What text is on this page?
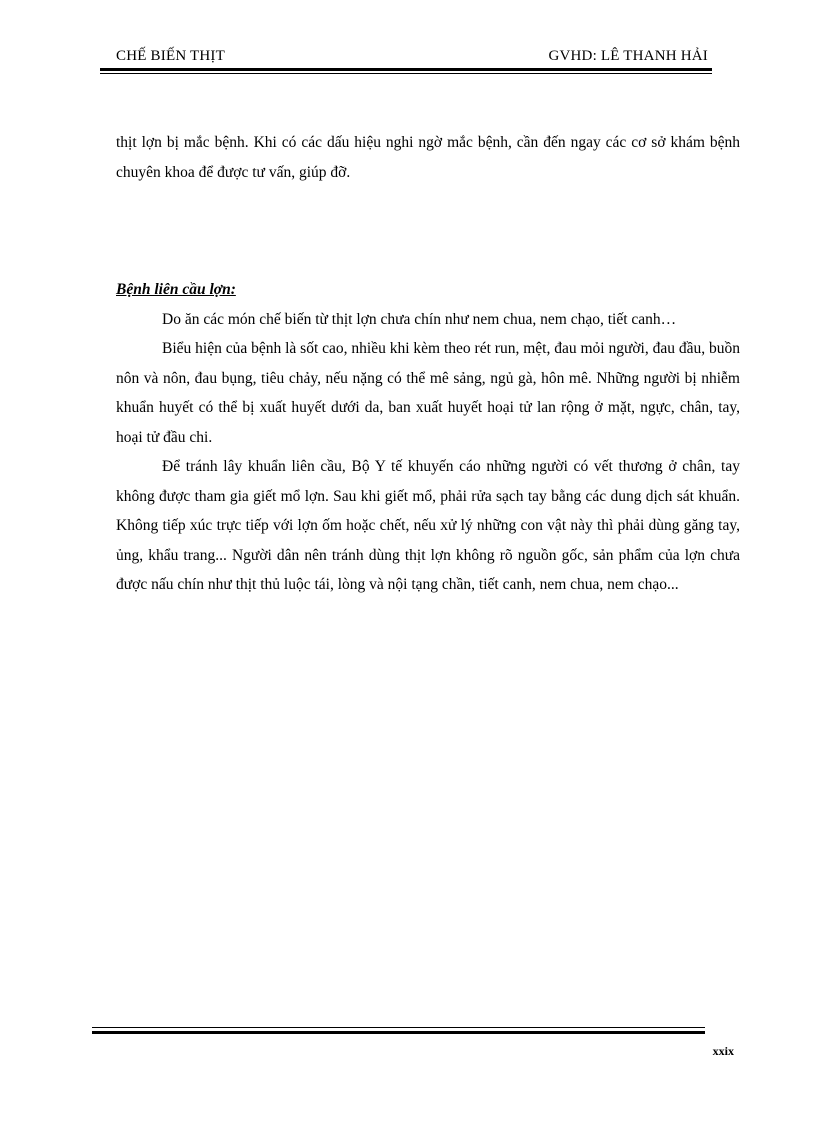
CHẾ BIẾN THỊT	GVHD: LÊ THANH HẢI

thịt lợn bị mắc bệnh. Khi có các dấu hiệu nghi ngờ mắc bệnh, cần đến ngay các cơ sở khám bệnh chuyên khoa để được tư vấn, giúp đỡ.

Bệnh liên cầu lợn:

Do ăn các món chế biến từ thịt lợn chưa chín như nem chua, nem chạo, tiết canh…

Biểu hiện của bệnh là sốt cao, nhiều khi kèm theo rét run, mệt, đau mỏi người, đau đầu, buồn nôn và nôn, đau bụng, tiêu chảy, nếu nặng có thể mê sảng, ngủ gà, hôn mê. Những người bị nhiễm khuẩn huyết có thể bị xuất huyết dưới da, ban xuất huyết hoại tử lan rộng ở mặt, ngực, chân, tay, hoại tử đầu chi.

Để tránh lây khuẩn liên cầu, Bộ Y tế khuyến cáo những người có vết thương ở chân, tay không được tham gia giết mổ lợn. Sau khi giết mổ, phải rửa sạch tay bằng các dung dịch sát khuẩn. Không tiếp xúc trực tiếp với lợn ốm hoặc chết, nếu xử lý những con vật này thì phải dùng găng tay, ủng, khẩu trang... Người dân nên tránh dùng thịt lợn không rõ nguồn gốc, sản phẩm của lợn chưa được nấu chín như thịt thủ luộc tái, lòng và nội tạng chần, tiết canh, nem chua, nem chạo...

xxix
